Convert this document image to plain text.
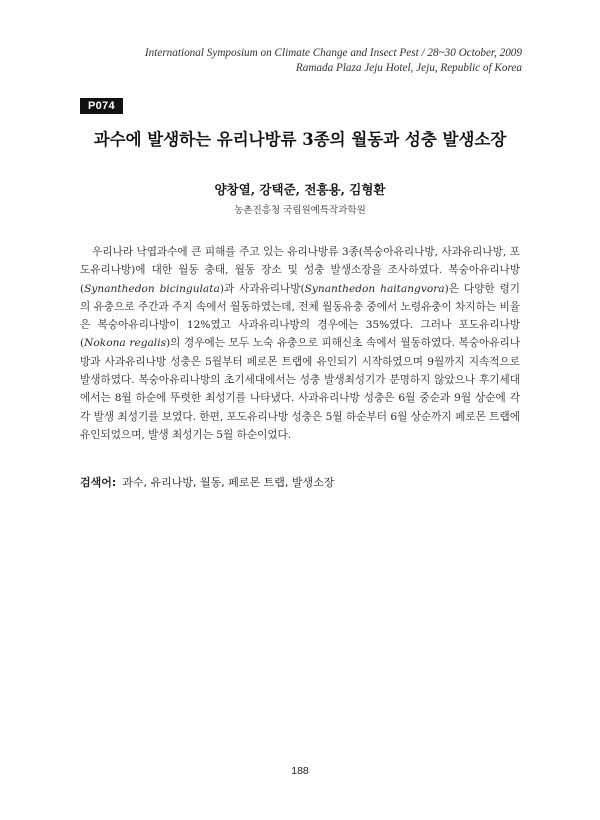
International Symposium on Climate Change and Insect Pest / 28~30 October, 2009
Ramada Plaza Jeju Hotel, Jeju, Republic of Korea
P074
과수에 발생하는 유리나방류 3종의 월동과 성충 발생소장
양창열, 강택준, 전흥용, 김형환
농촌진흥청 국립원예특작과학원

우리나라 낙엽과수에 큰 피해를 주고 있는 유리나방류 3종(복숭아유리나방, 사과유리나방, 포도유리나방)에 대한 월동 충태, 월동 장소 및 성충 발생소장을 조사하였다. 복숭아유리나방(Synanthedon bicingulata)과 사과유리나방(Synanthedon haitangvora)은 다양한 령기의 유충으로 주간과 주지 속에서 월동하였는데, 전체 월동유충 중에서 노령유충이 차지하는 비율은 복숭아유리나방이 12%였고 사과유리나방의 경우에는 35%였다. 그러나 포도유리나방(Nokona regalis)의 경우에는 모두 노숙 유충으로 피해신초 속에서 월동하였다. 복숭아유리나방과 사과유리나방 성충은 5월부터 페로몬 트랩에 유인되기 시작하였으며 9월까지 지속적으로 발생하였다. 복숭아유리나방의 초기세대에서는 성충 발생최성기가 분명하지 않았으나 후기세대에서는 8월 하순에 뚜렷한 최성기를 나타냈다. 사과유리나방 성충은 6월 중순과 9월 상순에 각각 발생 최성기를 보였다. 한편, 포도유리나방 성충은 5월 하순부터 6월 상순까지 페로몬 트랩에 유인되었으며, 발생 최성기는 5월 하순이었다.

검색어: 과수, 유리나방, 월동, 페로몬 트랩, 발생소장
188
